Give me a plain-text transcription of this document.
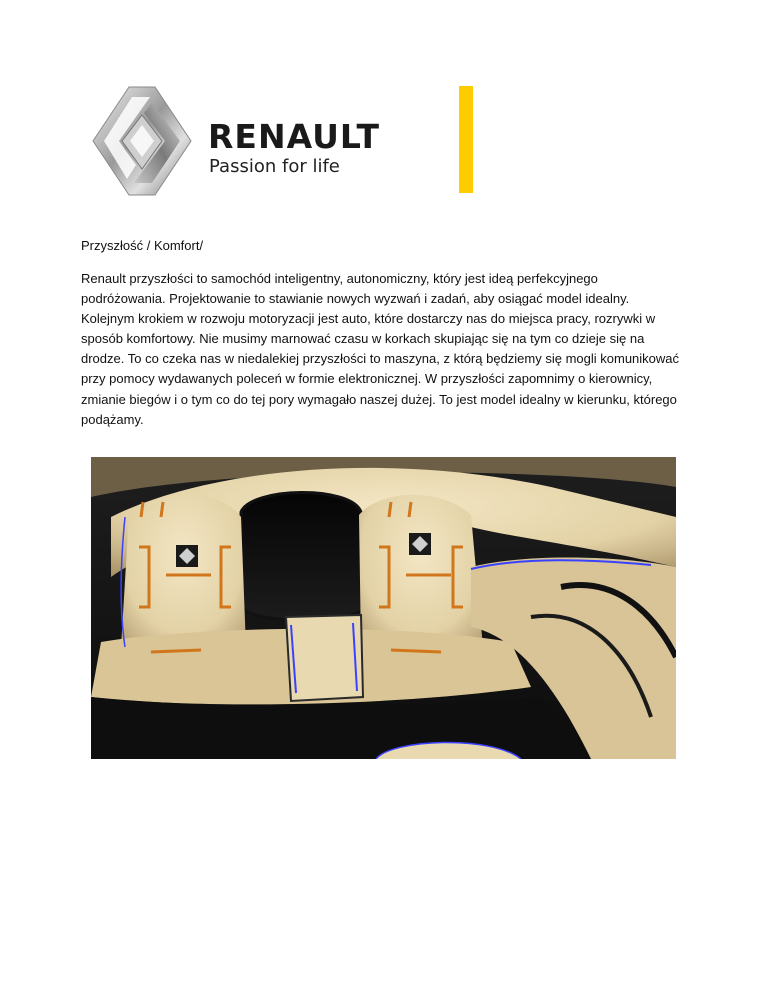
RENAULT
Passion for life
Przyszłość / Komfort/

Renault przyszłości to samochód inteligentny, autonomiczny, który jest ideą perfekcyjnego podróżowania. Projektowanie to stawianie nowych wyzwań i zadań, aby osiągać model idealny. Kolejnym krokiem w rozwoju motoryzacji jest auto, które dostarczy nas do miejsca pracy, rozrywki w sposób komfortowy. Nie musimy marnować czasu w korkach skupiając się na tym co dzieje się na drodze. To co czeka nas w niedalekiej przyszłości to maszyna, z którą będziemy się mogli komunikować przy pomocy wydawanych poleceń w formie elektronicznej. W przyszłości zapomnimy o kierownicy, zmianie biegów i o tym co do tej pory wymagało naszej dużej. To jest model idealny w kierunku, którego podążamy.
